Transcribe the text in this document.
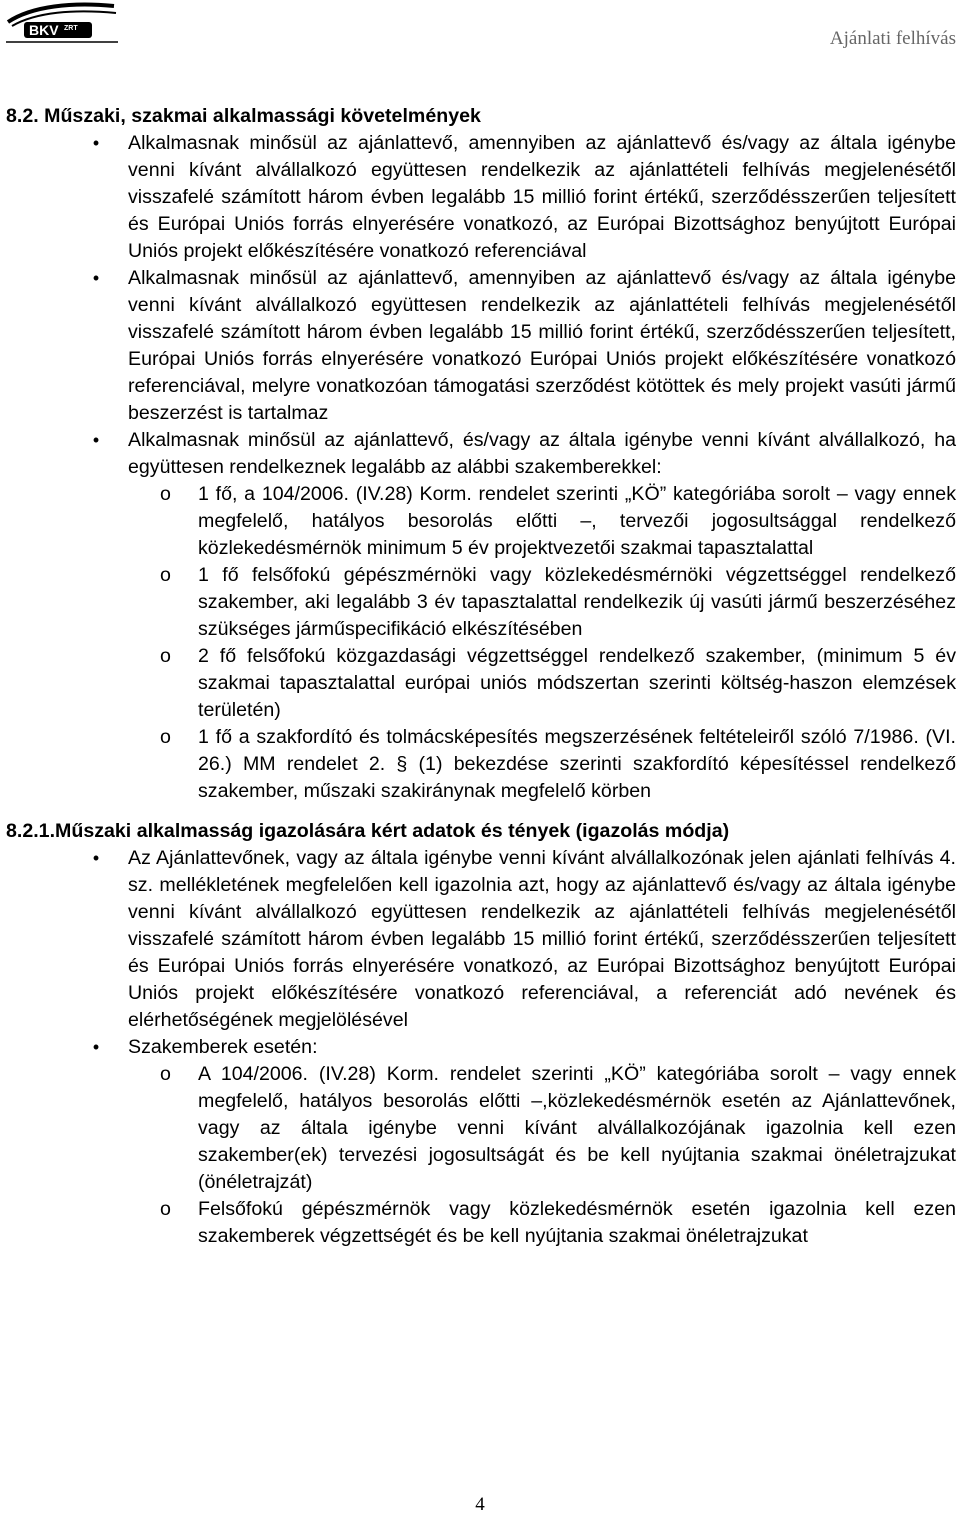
BKV ZRT	Ajánlati felhívás
8.2. Műszaki, szakmai alkalmassági követelmények
• Alkalmasnak minősül az ajánlattevő, amennyiben az ajánlattevő és/vagy az általa igénybe venni kívánt alvállalkozó együttesen rendelkezik az ajánlattételi felhívás megjelenésétől visszafelé számított három évben legalább 15 millió forint értékű, szerződésszerűen teljesített és Európai Uniós forrás elnyerésére vonatkozó, az Európai Bizottsághoz benyújtott Európai Uniós projekt előkészítésére vonatkozó referenciával
• Alkalmasnak minősül az ajánlattevő, amennyiben az ajánlattevő és/vagy az általa igénybe venni kívánt alvállalkozó együttesen rendelkezik az ajánlattételi felhívás megjelenésétől visszafelé számított három évben legalább 15 millió forint értékű, szerződésszerűen teljesített, Európai Uniós forrás elnyerésére vonatkozó Európai Uniós projekt előkészítésére vonatkozó referenciával, melyre vonatkozóan támogatási szerződést kötöttek és mely projekt vasúti jármű beszerzést is tartalmaz
• Alkalmasnak minősül az ajánlattevő, és/vagy az általa igénybe venni kívánt alvállalkozó, ha együttesen rendelkeznek legalább az alábbi szakemberekkel:
o 1 fő, a 104/2006. (IV.28) Korm. rendelet szerinti „KÖ” kategóriába sorolt – vagy ennek megfelelő, hatályos besorolás előtti –, tervezői jogosultsággal rendelkező közlekedésmérnök minimum 5 év projektvezetői szakmai tapasztalattal
o 1 fő felsőfokú gépészmérnöki vagy közlekedésmérnöki végzettséggel rendelkező szakember, aki legalább 3 év tapasztalattal rendelkezik új vasúti jármű beszerzéséhez szükséges járműspecifikáció elkészítésében
o 2 fő felsőfokú közgazdasági végzettséggel rendelkező szakember, (minimum 5 év szakmai tapasztalattal európai uniós módszertan szerinti költség-haszon elemzések területén)
o 1 fő a szakfordító és tolmácsképesítés megszerzésének feltételeiről szóló 7/1986. (VI. 26.) MM rendelet 2. § (1) bekezdése szerinti szakfordító képesítéssel rendelkező szakember, műszaki szakiránynak megfelelő körben
8.2.1.Műszaki alkalmasság igazolására kért adatok és tények (igazolás módja)
• Az Ajánlattevőnek, vagy az általa igénybe venni kívánt alvállalkozónak jelen ajánlati felhívás 4. sz. mellékletének megfelelően kell igazolnia azt, hogy az ajánlattevő és/vagy az általa igénybe venni kívánt alvállalkozó együttesen rendelkezik az ajánlattételi felhívás megjelenésétől visszafelé számított három évben legalább 15 millió forint értékű, szerződésszerűen teljesített és Európai Uniós forrás elnyerésére vonatkozó, az Európai Bizottsághoz benyújtott Európai Uniós projekt előkészítésére vonatkozó referenciával, a referenciát adó nevének és elérhetőségének megjelölésével
• Szakemberek esetén:
o A 104/2006. (IV.28) Korm. rendelet szerinti „KÖ” kategóriába sorolt – vagy ennek megfelelő, hatályos besorolás előtti –,közlekedésmérnök esetén az Ajánlattevőnek, vagy az általa igénybe venni kívánt alvállalkozójának igazolnia kell ezen szakember(ek) tervezési jogosultságát és be kell nyújtania szakmai önéletrajzukat (önéletrajzát)
o Felsőfokú gépészmérnök vagy közlekedésmérnök esetén igazolnia kell ezen szakemberek végzettségét és be kell nyújtania szakmai önéletrajzukat
4
